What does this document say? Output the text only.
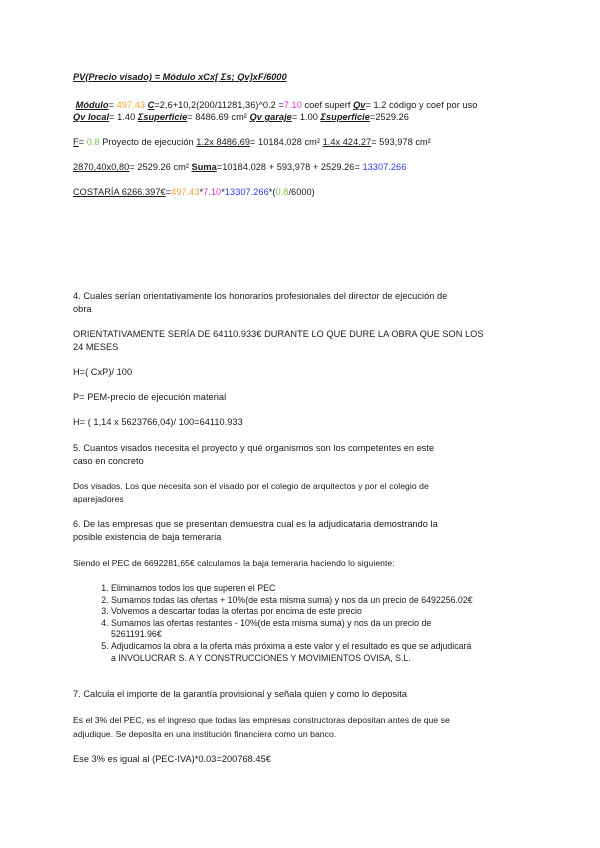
PV(Precio visado) = Módulo xCx[ Σs; Qv]xF/6000
Módulo= 497.43 C=2,6+10,2(200/11281,36)^0.2 =7.10 coef superf Qv= 1.2 código y coef por uso
Qv local= 1.40 Σsuperficie= 8486.69 cm² Qv garaje= 1.00 Σsuperficie=2529.26
F= 0.8 Proyecto de ejecución 1.2x 8486.69= 10184.028 cm² 1.4x 424.27= 593,978 cm²
2870,40x0,80= 2529.26 cm² Suma=10184.028 + 593,978 + 2529.26= 13307.266
COSTARÍA 6266.397€=497.43*7.10*13307.266*(0.8/6000)
4. Cuales serían orientativamente los honorarios profesionales del director de ejecución de
obra
ORIENTATIVAMENTE SERÍA DE 64110.933€ DURANTE LO QUE DURE LA OBRA QUE SON LOS
24 MESES
H=( CxP)/ 100
P= PEM-precio de ejecución material
H= ( 1,14 x 5623766,04)/ 100=64110.933
5. Cuantos visados necesita el proyecto y qué organismos son los competentes en este
caso en concreto
Dos visados. Los que necesita son el visado por el colegio de arquitectos y por el colegio de
aparejadores
6. De las empresas que se presentan demuestra cual es la adjudicataria demostrando la
posible existencia de baja temeraria
Siendo el PEC de 6692281,65€ calculamos la baja temeraria haciendo lo siguiente:
1. Eliminamos todos los que superen el PEC
2. Sumamos todas las ofertas + 10%(de esta misma suma) y nos da un precio de 6492256.02€
3. Volvemos a descartar todas la ofertas por encima de este precio
4. Sumamos las ofertas restantes - 10%(de esta misma suma) y nos da un precio de
5261191.96€
5. Adjudicamos la obra a la oferta más próxima a este valor y el resultado es que se adjudicará
a INVOLUCRAR S. A Y CONSTRUCCIONES Y MOVIMIENTOS OVISA, S.L.
7. Calcula el importe de la garantía provisional y señala quien y como lo deposita
Es el 3% del PEC, es el ingreso que todas las empresas constructoras depositan antes de que se
adjudique. Se deposita en una institución financiera como un banco.
Ese 3% es igual al (PEC-IVA)*0.03=200768.45€
